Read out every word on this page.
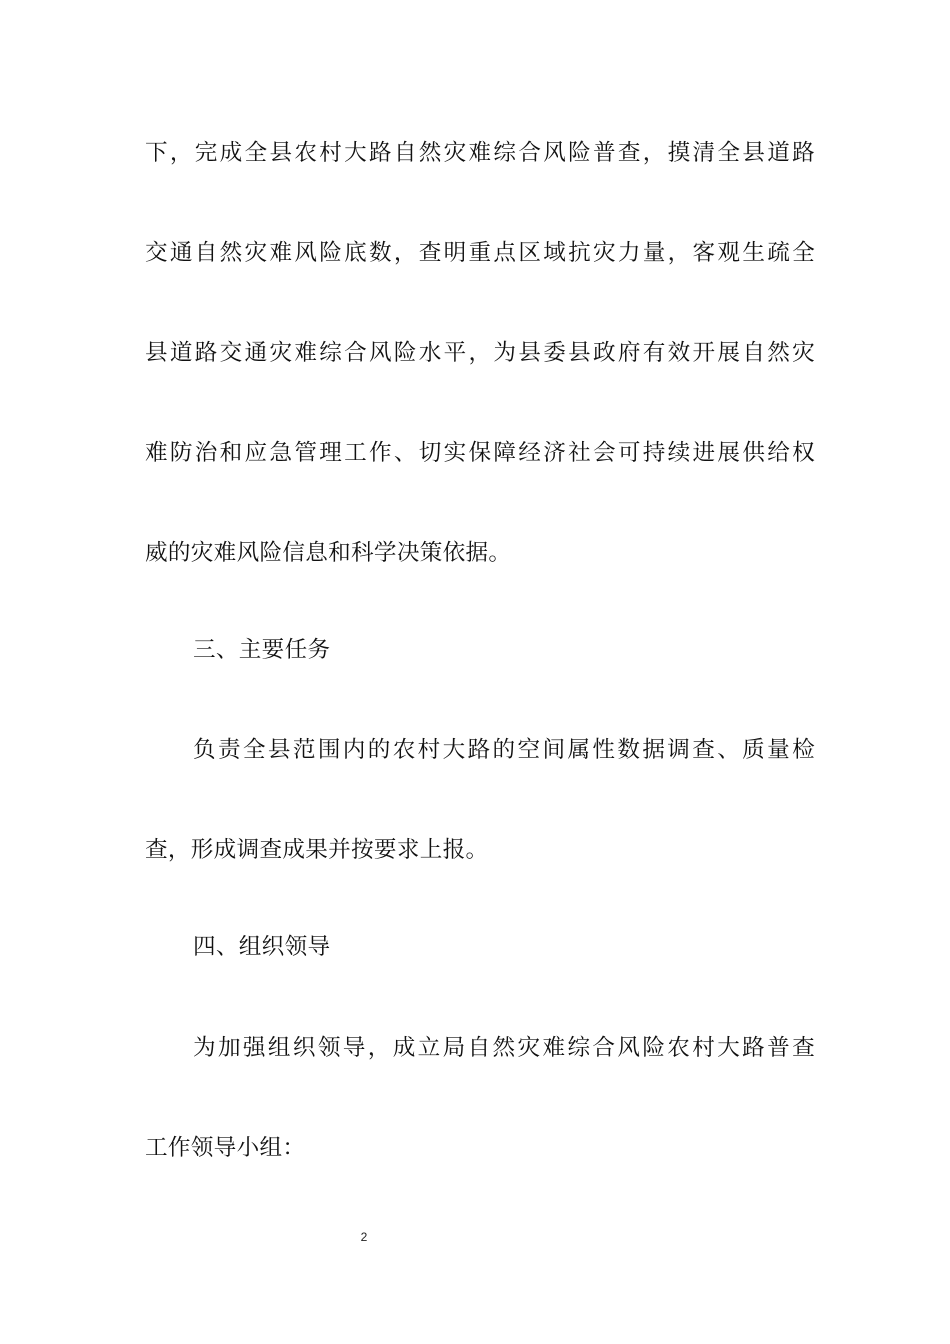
下，完成全县农村大路自然灾难综合风险普查，摸清全县道路

交通自然灾难风险底数，查明重点区域抗灾力量，客观生疏全

县道路交通灾难综合风险水平，为县委县政府有效开展自然灾

难防治和应急管理工作、切实保障经济社会可持续进展供给权

威的灾难风险信息和科学决策依据。

三、主要任务

负责全县范围内的农村大路的空间属性数据调查、质量检

查，形成调查成果并按要求上报。

四、组织领导

为加强组织领导，成立局自然灾难综合风险农村大路普查

工作领导小组：

2
